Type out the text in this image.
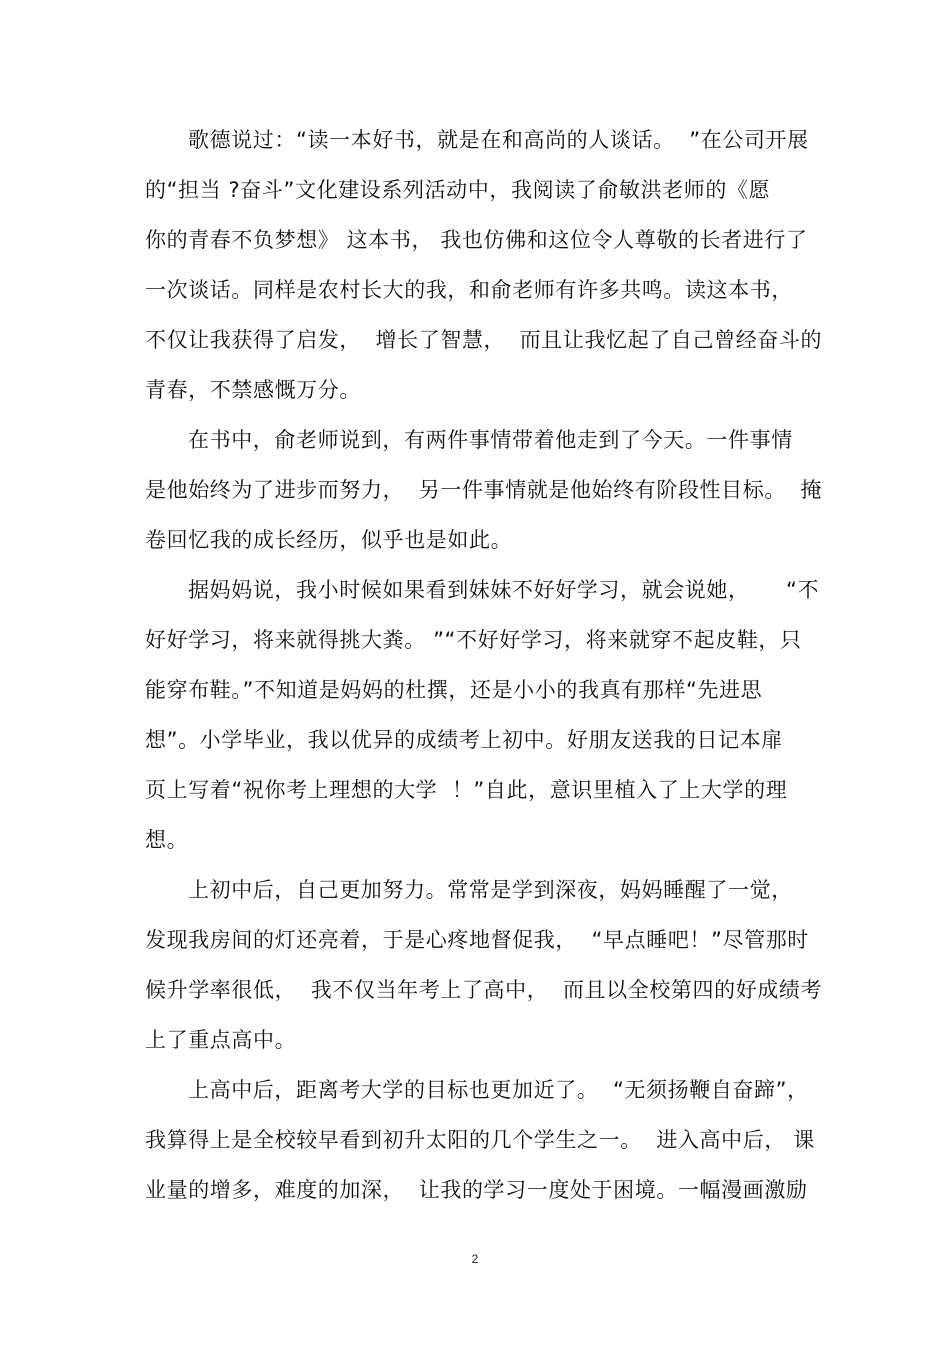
歌德说过：“读一本好书，就是在和高尚的人谈话。  ”在公司开展
的“担当 ?奋斗”文化建设系列活动中，我阅读了俞敏洪老师的《愿
你的青春不负梦想》 这本书， 我也仿佛和这位令人尊敬的长者进行了
一次谈话。同样是农村长大的我，和俞老师有许多共鸣。读这本书，
不仅让我获得了启发，  增长了智慧，  而且让我忆起了自己曾经奋斗的
青春，不禁感慨万分。
在书中，俞老师说到，有两件事情带着他走到了今天。一件事情
是他始终为了进步而努力，  另一件事情就是他始终有阶段性目标。  掩
卷回忆我的成长经历，似乎也是如此。
据妈妈说，我小时候如果看到妹妹不好好学习，就会说她，     “不
好好学习，将来就得挑大粪。 ”“不好好学习，将来就穿不起皮鞋，只
能穿布鞋。”不知道是妈妈的杜撰，还是小小的我真有那样“先进思
想”。小学毕业，我以优异的成绩考上初中。好朋友送我的日记本扉
页上写着“祝你考上理想的大学  ！”自此，意识里植入了上大学的理
想。
上初中后，自己更加努力。常常是学到深夜，妈妈睡醒了一觉，
发现我房间的灯还亮着，于是心疼地督促我，  “早点睡吧！”尽管那时
候升学率很低，  我不仅当年考上了高中，  而且以全校第四的好成绩考
上了重点高中。
上高中后，距离考大学的目标也更加近了。  “无须扬鞭自奋蹄”，
我算得上是全校较早看到初升太阳的几个学生之一。  进入高中后， 课
业量的增多，难度的加深，  让我的学习一度处于困境。一幅漫画激励
2
